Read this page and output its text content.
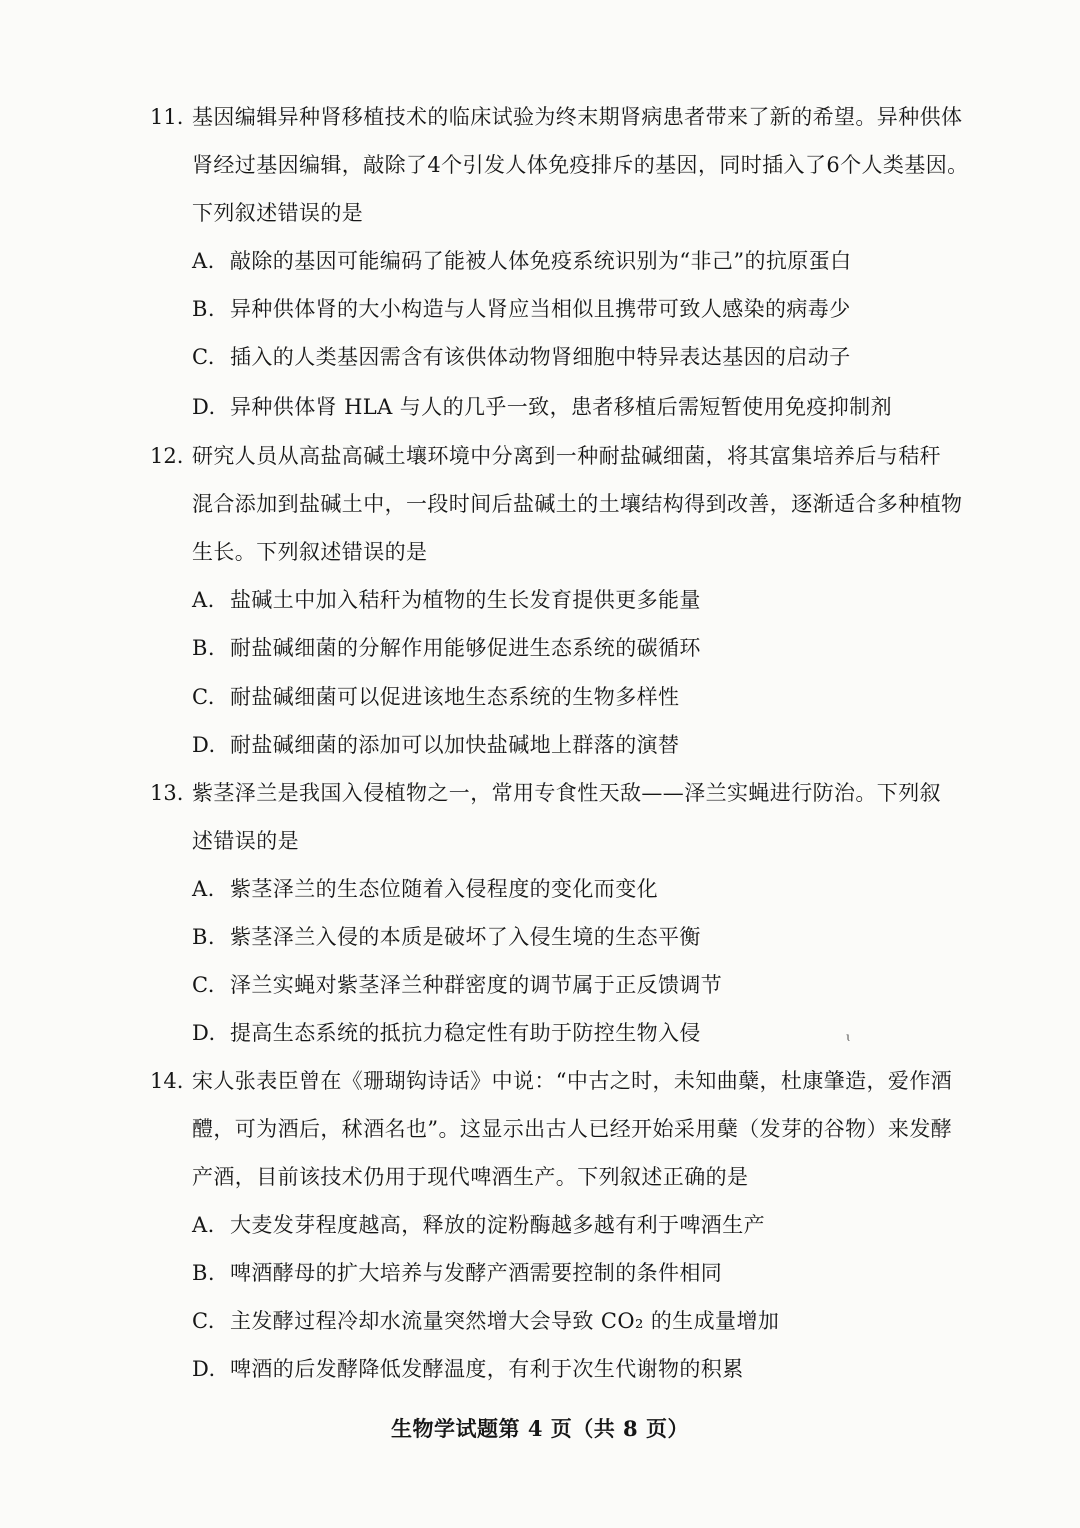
11. 基因编辑异种肾移植技术的临床试验为终末期肾病患者带来了新的希望。异种供体
肾经过基因编辑，敲除了4个引发人体免疫排斥的基因，同时插入了6个人类基因。
下列叙述错误的是
A. 敲除的基因可能编码了能被人体免疫系统识别为“非己”的抗原蛋白
B. 异种供体肾的大小构造与人肾应当相似且携带可致人感染的病毒少
C. 插入的人类基因需含有该供体动物肾细胞中特异表达基因的启动子
D. 异种供体肾 HLA 与人的几乎一致，患者移植后需短暂使用免疫抑制剂
12. 研究人员从高盐高碱土壤环境中分离到一种耐盐碱细菌，将其富集培养后与秸秆
混合添加到盐碱土中，一段时间后盐碱土的土壤结构得到改善，逐渐适合多种植物
生长。下列叙述错误的是
A. 盐碱土中加入秸秆为植物的生长发育提供更多能量
B. 耐盐碱细菌的分解作用能够促进生态系统的碳循环
C. 耐盐碱细菌可以促进该地生态系统的生物多样性
D. 耐盐碱细菌的添加可以加快盐碱地上群落的演替
13. 紫茎泽兰是我国入侵植物之一，常用专食性天敌——泽兰实蝇进行防治。下列叙
述错误的是
A. 紫茎泽兰的生态位随着入侵程度的变化而变化
B. 紫茎泽兰入侵的本质是破坏了入侵生境的生态平衡
C. 泽兰实蝇对紫茎泽兰种群密度的调节属于正反馈调节
D. 提高生态系统的抵抗力稳定性有助于防控生物入侵	ɩ
14. 宋人张表臣曾在《珊瑚钩诗话》中说：“中古之时，未知曲蘖，杜康肇造，爱作酒
醴，可为酒后，秫酒名也”。这显示出古人已经开始采用蘖（发芽的谷物）来发酵
产酒，目前该技术仍用于现代啤酒生产。下列叙述正确的是
A. 大麦发芽程度越高，释放的淀粉酶越多越有利于啤酒生产
B. 啤酒酵母的扩大培养与发酵产酒需要控制的条件相同
C. 主发酵过程冷却水流量突然增大会导致 CO₂ 的生成量增加
D. 啤酒的后发酵降低发酵温度，有利于次生代谢物的积累
生物学试题第 4 页（共 8 页）
